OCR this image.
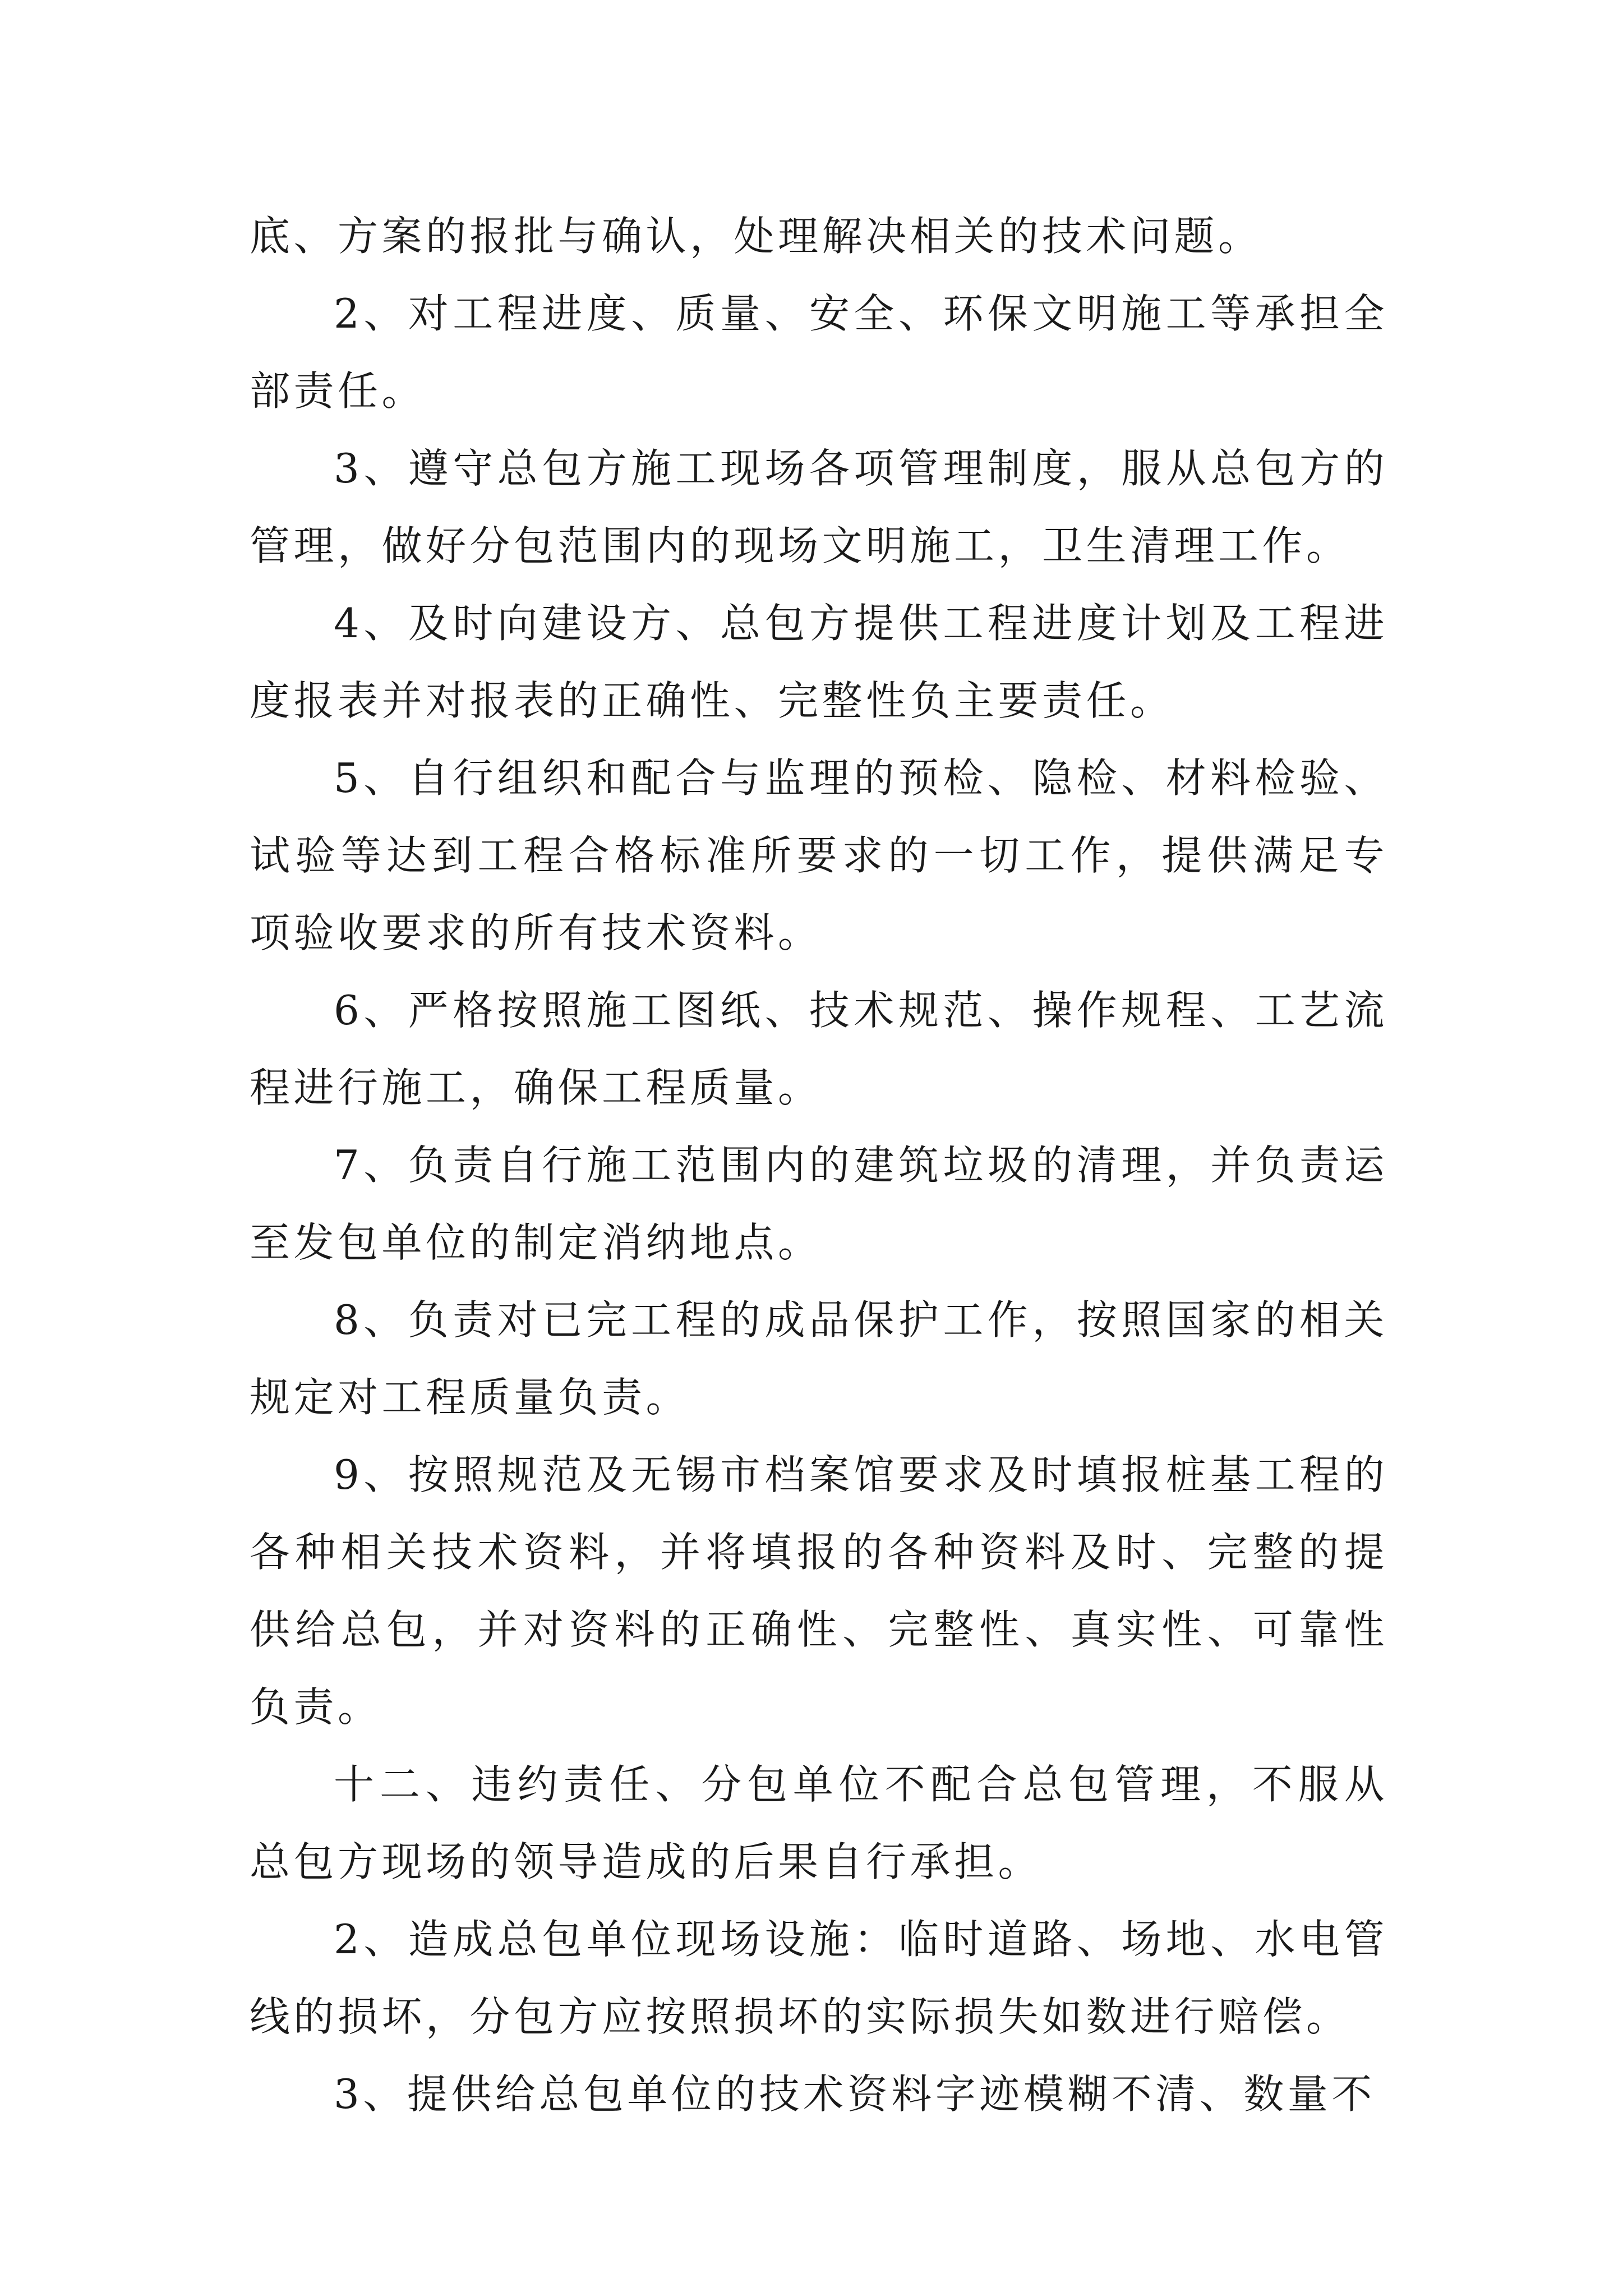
底、方案的报批与确认，处理解决相关的技术问题。

2、对工程进度、质量、安全、环保文明施工等承担全部责任。

3、遵守总包方施工现场各项管理制度，服从总包方的管理，做好分包范围内的现场文明施工，卫生清理工作。

4、及时向建设方、总包方提供工程进度计划及工程进度报表并对报表的正确性、完整性负主要责任。

5、自行组织和配合与监理的预检、隐检、材料检验、试验等达到工程合格标准所要求的一切工作，提供满足专项验收要求的所有技术资料。

6、严格按照施工图纸、技术规范、操作规程、工艺流程进行施工，确保工程质量。

7、负责自行施工范围内的建筑垃圾的清理，并负责运至发包单位的制定消纳地点。

8、负责对已完工程的成品保护工作，按照国家的相关规定对工程质量负责。

9、按照规范及无锡市档案馆要求及时填报桩基工程的各种相关技术资料，并将填报的各种资料及时、完整的提供给总包，并对资料的正确性、完整性、真实性、可靠性负责。

十二、违约责任、分包单位不配合总包管理，不服从总包方现场的领导造成的后果自行承担。

2、造成总包单位现场设施：临时道路、场地、水电管线的损坏，分包方应按照损坏的实际损失如数进行赔偿。

3、提供给总包单位的技术资料字迹模糊不清、数量不
